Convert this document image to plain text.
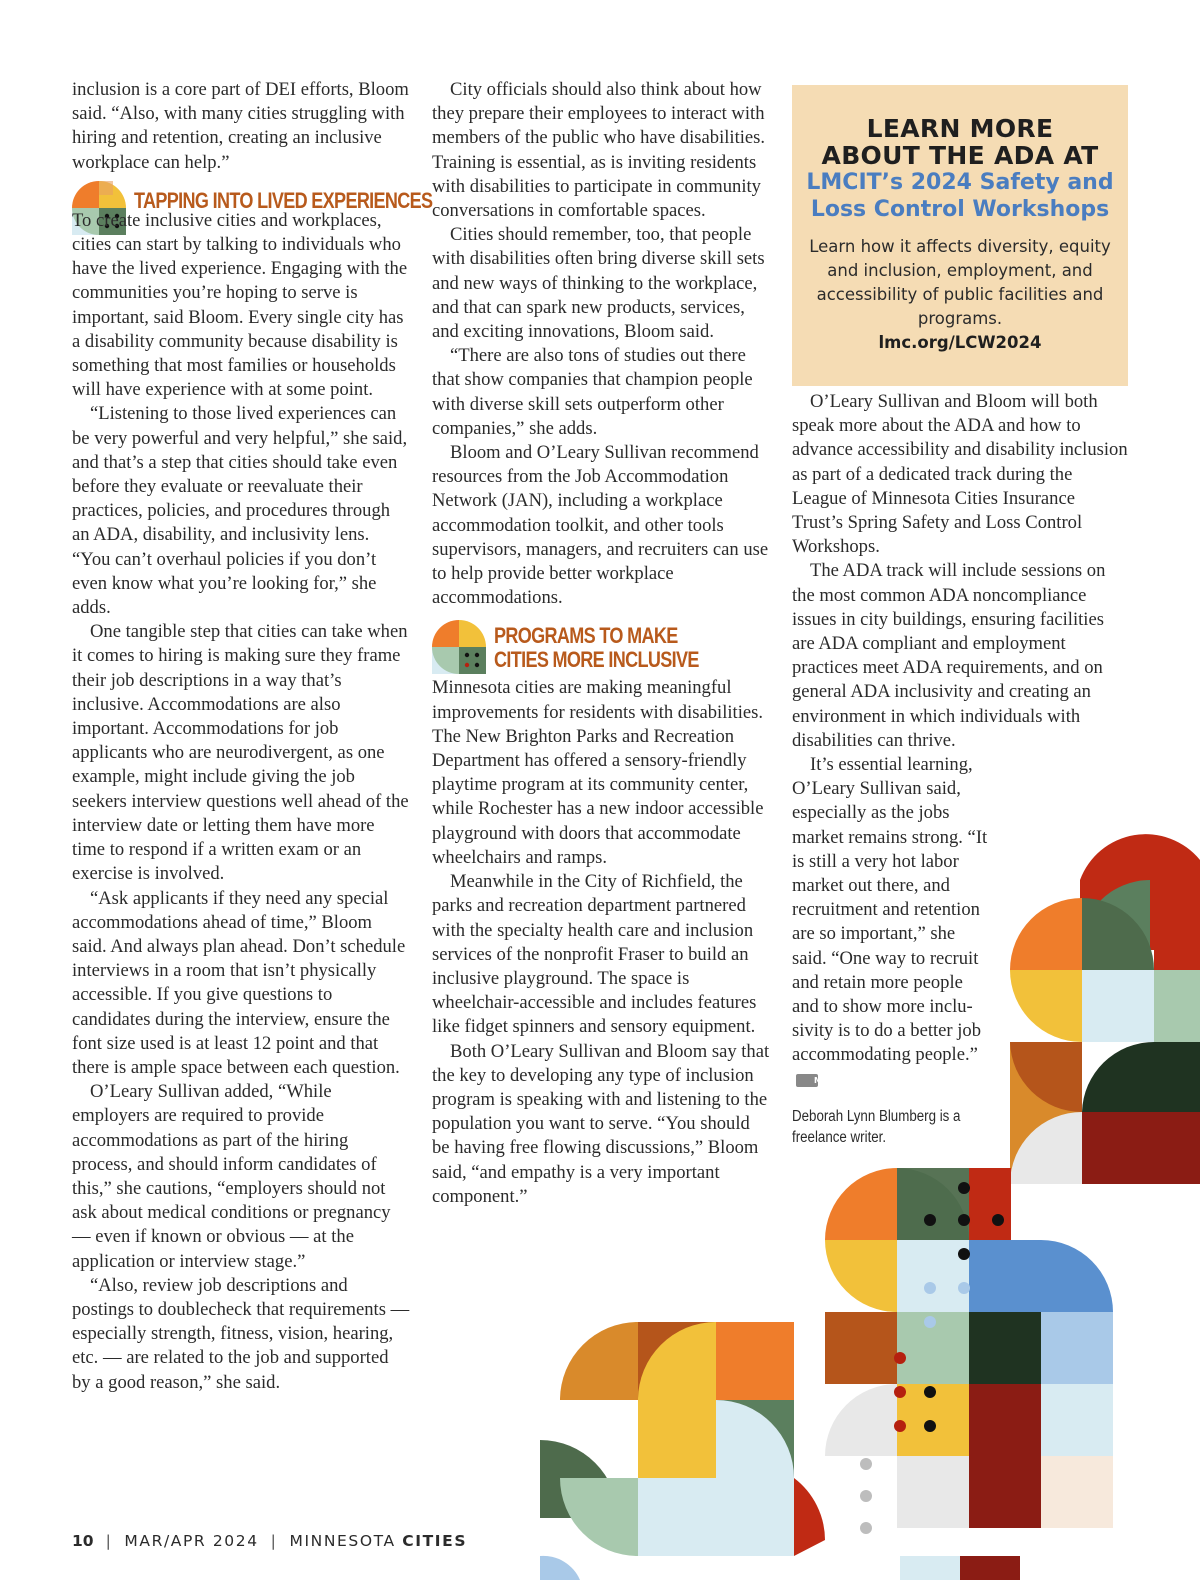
inclusion is a core part of DEI efforts, Bloom said. “Also, with many cities struggling with hiring and retention, creating an inclusive workplace can help.”

TAPPING INTO LIVED EXPERIENCES

To create inclusive cities and workplaces, cities can start by talking to individuals who have the lived experience. Engaging with the communities you’re hoping to serve is important, said Bloom. Every single city has a disability community because disability is something that most families or households will have experience with at some point.

“Listening to those lived experiences can be very powerful and very helpful,” she said, and that’s a step that cities should take even before they evaluate or reevaluate their practices, policies, and procedures through an ADA, disability, and inclusivity lens. “You can’t overhaul policies if you don’t even know what you’re looking for,” she adds.

One tangible step that cities can take when it comes to hiring is making sure they frame their job descriptions in a way that’s inclusive. Accommodations are also important. Accommodations for job applicants who are neurodivergent, as one example, might include giving the job seekers interview questions well ahead of the interview date or letting them have more time to respond if a written exam or an exercise is involved.

“Ask applicants if they need any special accommodations ahead of time,” Bloom said. And always plan ahead. Don’t schedule interviews in a room that isn’t physically accessible. If you give questions to candidates during the interview, ensure the font size used is at least 12 point and that there is ample space between each question.

O’Leary Sullivan added, “While employers are required to provide accommodations as part of the hiring process, and should inform candidates of this,” she cautions, “employers should not ask about medical conditions or pregnancy — even if known or obvious — at the application or interview stage.”

“Also, review job descriptions and postings to doublecheck that requirements — especially strength, fitness, vision, hearing, etc. — are related to the job and supported by a good reason,” she said.

City officials should also think about how they prepare their employees to interact with members of the public who have disabilities. Training is essential, as is inviting residents with disabilities to participate in community conversations in comfortable spaces.

Cities should remember, too, that people with disabilities often bring diverse skill sets and new ways of thinking to the workplace, and that can spark new products, services, and exciting innovations, Bloom said.

“There are also tons of studies out there that show companies that champion people with diverse skill sets outperform other companies,” she adds.

Bloom and O’Leary Sullivan recommend resources from the Job Accommodation Network (JAN), including a workplace accommodation toolkit, and other tools supervisors, managers, and recruiters can use to help provide better workplace accommodations.

PROGRAMS TO MAKE CITIES MORE INCLUSIVE

Minnesota cities are making meaningful improvements for residents with disabilities. The New Brighton Parks and Recreation Department has offered a sensory-friendly playtime program at its community center, while Rochester has a new indoor accessible playground with doors that accommodate wheelchairs and ramps.

Meanwhile in the City of Richfield, the parks and recreation department partnered with the specialty health care and inclusion services of the nonprofit Fraser to build an inclusive playground. The space is wheelchair-accessible and includes features like fidget spinners and sensory equipment.

Both O’Leary Sullivan and Bloom say that the key to developing any type of inclusion program is speaking with and listening to the population you want to serve. “You should be having free flowing discussions,” Bloom said, “and empathy is a very important component.”

LEARN MORE
ABOUT THE ADA AT
LMCIT’s 2024 Safety and
Loss Control Workshops
Learn how it affects diversity, equity and inclusion, employment, and accessibility of public facilities and programs.
lmc.org/LCW2024

O’Leary Sullivan and Bloom will both speak more about the ADA and how to advance accessibility and disability inclusion as part of a dedicated track during the League of Minnesota Cities Insurance Trust’s Spring Safety and Loss Control Workshops.

The ADA track will include sessions on the most common ADA noncompliance issues in city buildings, ensuring facilities are ADA compliant and employment practices meet ADA requirements, and on general ADA inclusivity and creating an environment in which individuals with disabilities can thrive.

It’s essential learning, O’Leary Sullivan said, especially as the jobs market remains strong. “It is still a very hot labor market out there, and recruitment and retention are so important,” she said. “One way to recruit and retain more people and to show more inclusivity is to do a better job accommodating people.”MC

Deborah Lynn Blumberg is a freelance writer.
10 | MAR/APR 2024 | MINNESOTA CITIES
